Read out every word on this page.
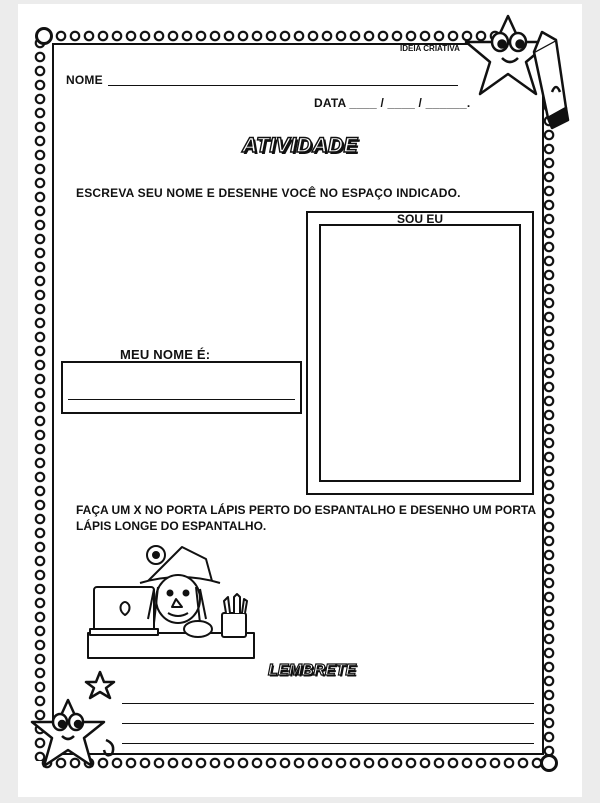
IDEIA CRIATIVA
NOME
DATA ____ / ____ / ______.
ATIVIDADE
ESCREVA SEU NOME E DESENHE VOCÊ NO ESPAÇO INDICADO.
SOU EU
MEU NOME É:
FAÇA UM X NO PORTA LÁPIS PERTO DO ESPANTALHO E DESENHO UM PORTA LÁPIS LONGE DO ESPANTALHO.
LEMBRETE
